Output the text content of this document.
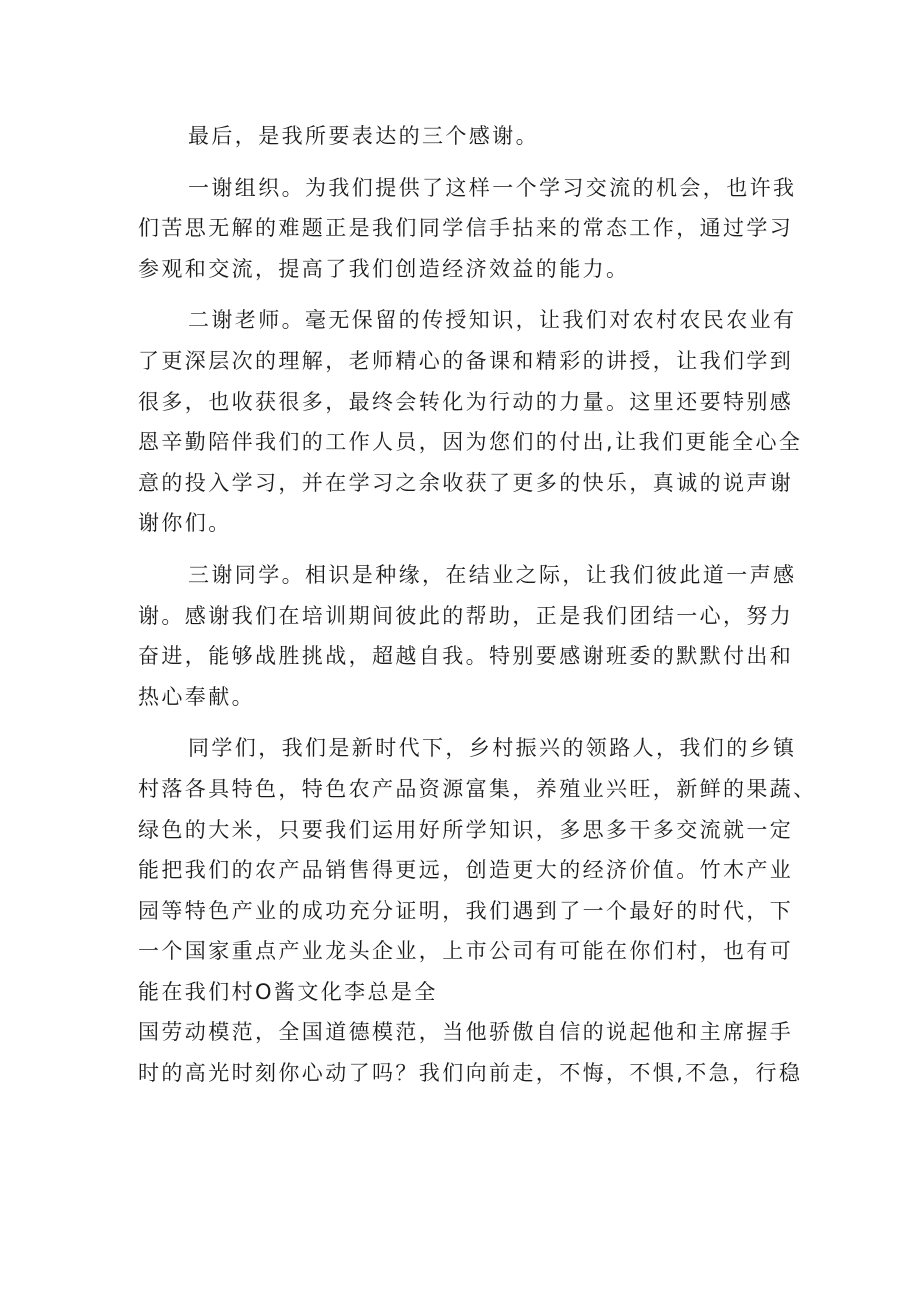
最后，是我所要表达的三个感谢。
一谢组织。为我们提供了这样一个学习交流的机会，也许我
们苦思无解的难题正是我们同学信手拈来的常态工作，通过学习
参观和交流，提高了我们创造经济效益的能力。
二谢老师。毫无保留的传授知识，让我们对农村农民农业有
了更深层次的理解，老师精心的备课和精彩的讲授，让我们学到
很多，也收获很多，最终会转化为行动的力量。这里还要特别感
恩辛勤陪伴我们的工作人员，因为您们的付出,让我们更能全心全
意的投入学习，并在学习之余收获了更多的快乐，真诚的说声谢
谢你们。
三谢同学。相识是种缘，在结业之际，让我们彼此道一声感
谢。感谢我们在培训期间彼此的帮助，正是我们团结一心，努力
奋进，能够战胜挑战，超越自我。特别要感谢班委的默默付出和
热心奉献。
同学们，我们是新时代下，乡村振兴的领路人，我们的乡镇
村落各具特色，特色农产品资源富集，养殖业兴旺，新鲜的果蔬、
绿色的大米，只要我们运用好所学知识，多思多干多交流就一定
能把我们的农产品销售得更远，创造更大的经济价值。竹木产业
园等特色产业的成功充分证明，我们遇到了一个最好的时代，下
一个国家重点产业龙头企业，上市公司有可能在你们村，也有可
能在我们村O酱文化李总是全
国劳动模范，全国道德模范，当他骄傲自信的说起他和主席握手
时的高光时刻你心动了吗？我们向前走，不悔，不惧,不急，行稳
